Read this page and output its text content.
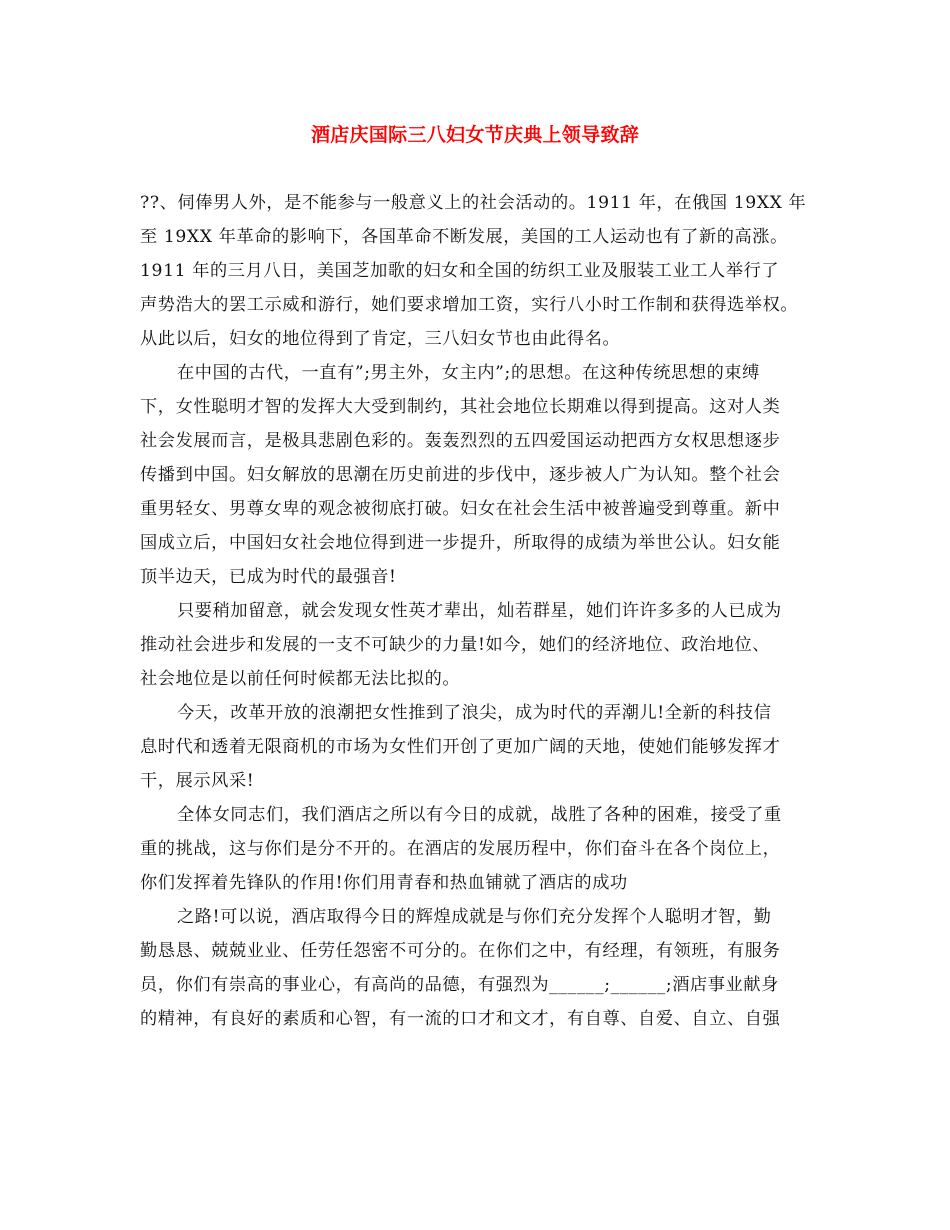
酒店庆国际三八妇女节庆典上领导致辞
??、伺俸男人外，是不能参与一般意义上的社会活动的。1911 年，在俄国 19XX 年
至 19XX 年革命的影响下，各国革命不断发展，美国的工人运动也有了新的高涨。
1911 年的三月八日，美国芝加歌的妇女和全国的纺织工业及服装工业工人举行了
声势浩大的罢工示威和游行，她们要求增加工资，实行八小时工作制和获得选举权。
从此以后，妇女的地位得到了肯定，三八妇女节也由此得名。
在中国的古代，一直有”;男主外，女主内”;的思想。在这种传统思想的束缚
下，女性聪明才智的发挥大大受到制约，其社会地位长期难以得到提高。这对人类
社会发展而言，是极具悲剧色彩的。轰轰烈烈的五四爱国运动把西方女权思想逐步
传播到中国。妇女解放的思潮在历史前进的步伐中，逐步被人广为认知。整个社会
重男轻女、男尊女卑的观念被彻底打破。妇女在社会生活中被普遍受到尊重。新中
国成立后，中国妇女社会地位得到进一步提升，所取得的成绩为举世公认。妇女能
顶半边天，已成为时代的最强音!
只要稍加留意，就会发现女性英才辈出，灿若群星，她们许许多多的人已成为
推动社会进步和发展的一支不可缺少的力量!如今，她们的经济地位、政治地位、
社会地位是以前任何时候都无法比拟的。
今天，改革开放的浪潮把女性推到了浪尖，成为时代的弄潮儿!全新的科技信
息时代和透着无限商机的市场为女性们开创了更加广阔的天地，使她们能够发挥才
干，展示风采!
全体女同志们，我们酒店之所以有今日的成就，战胜了各种的困难，接受了重
重的挑战，这与你们是分不开的。在酒店的发展历程中，你们奋斗在各个岗位上，
你们发挥着先锋队的作用!你们用青春和热血铺就了酒店的成功
之路!可以说，酒店取得今日的辉煌成就是与你们充分发挥个人聪明才智，勤
勤恳恳、兢兢业业、任劳任怨密不可分的。在你们之中，有经理，有领班，有服务
员，你们有崇高的事业心，有高尚的品德，有强烈为______;______;酒店事业献身
的精神，有良好的素质和心智，有一流的口才和文才，有自尊、自爱、自立、自强
